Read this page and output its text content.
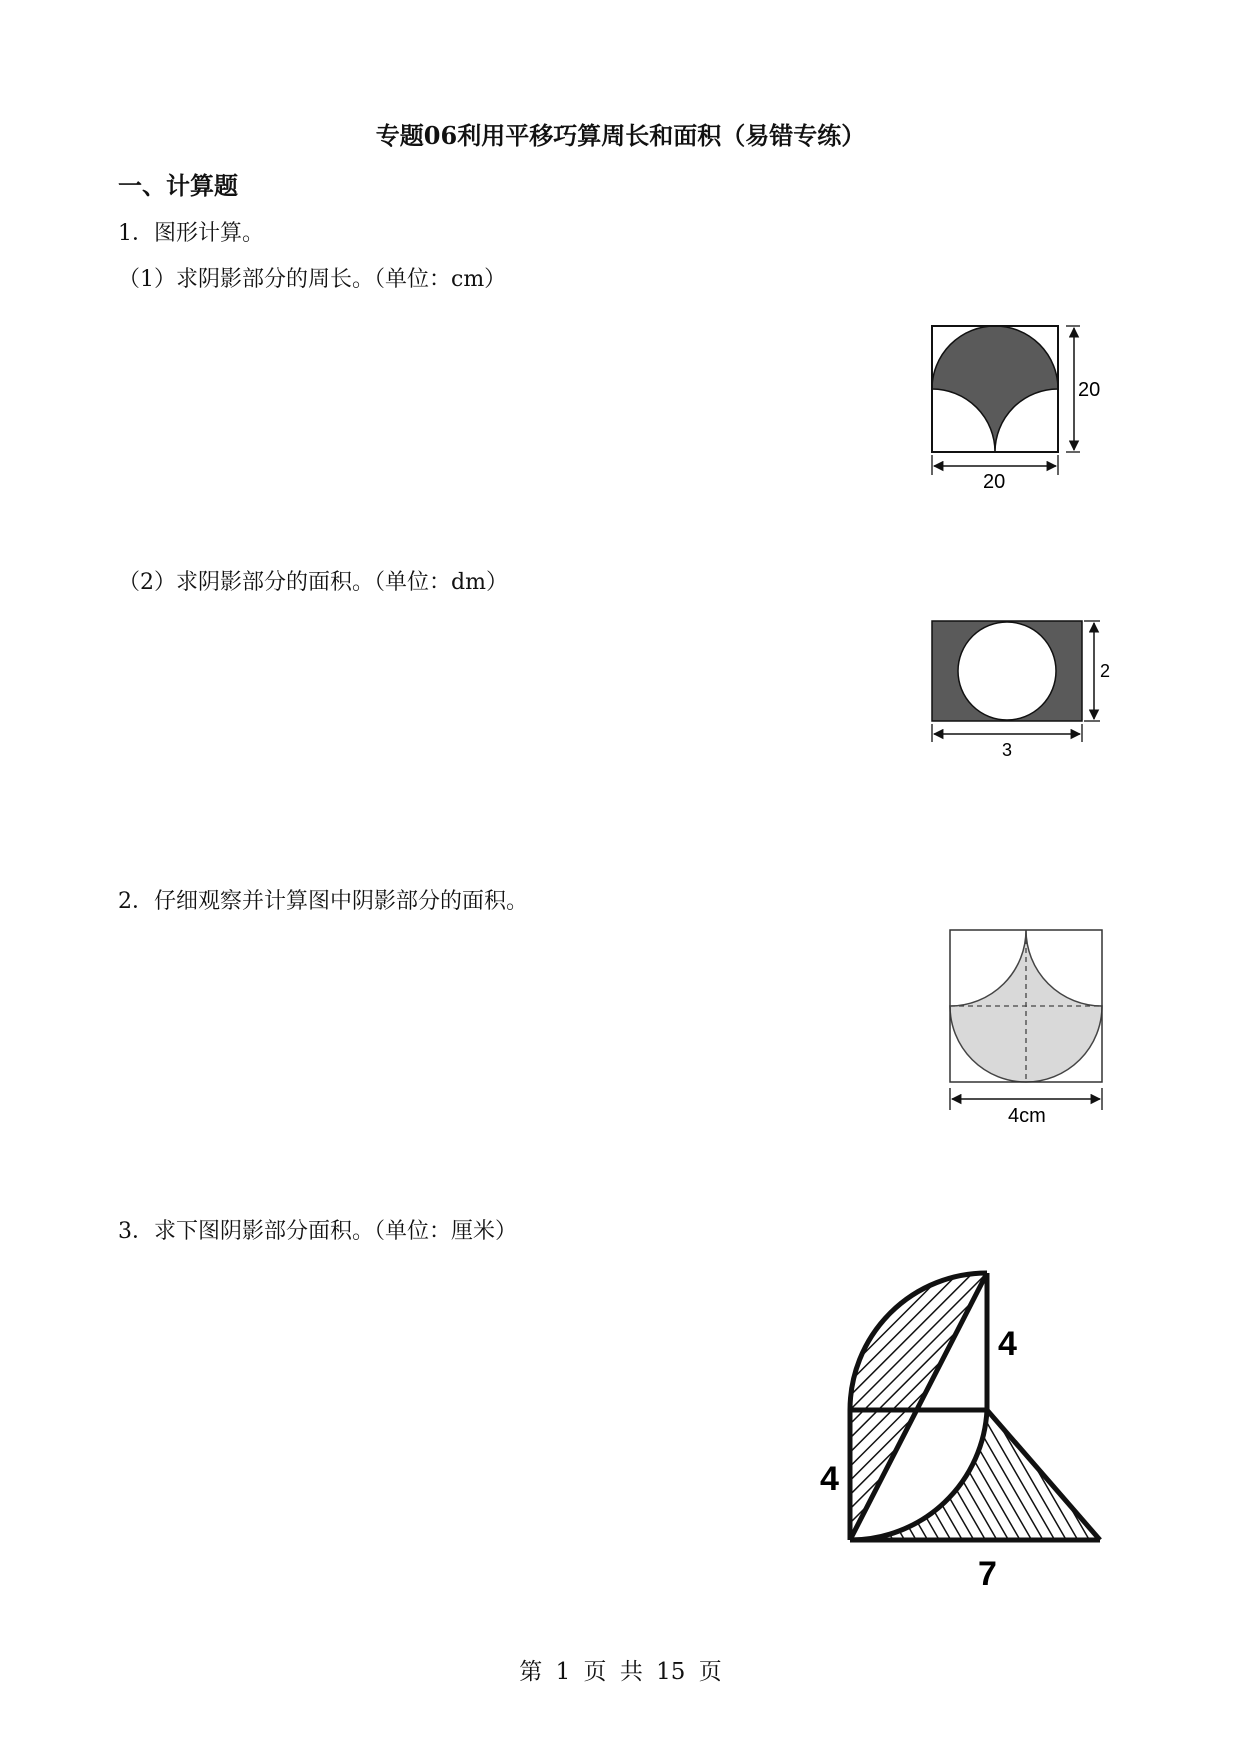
专题06利用平移巧算周长和面积（易错专练）
一、计算题
1．图形计算。
（1）求阴影部分的周长。（单位：cm）
（2）求阴影部分的面积。（单位：dm）
2．仔细观察并计算图中阴影部分的面积。
3．求下图阴影部分面积。（单位：厘米）
20
20
2
3
4cm
4
4
7
第 1 页 共 15 页
